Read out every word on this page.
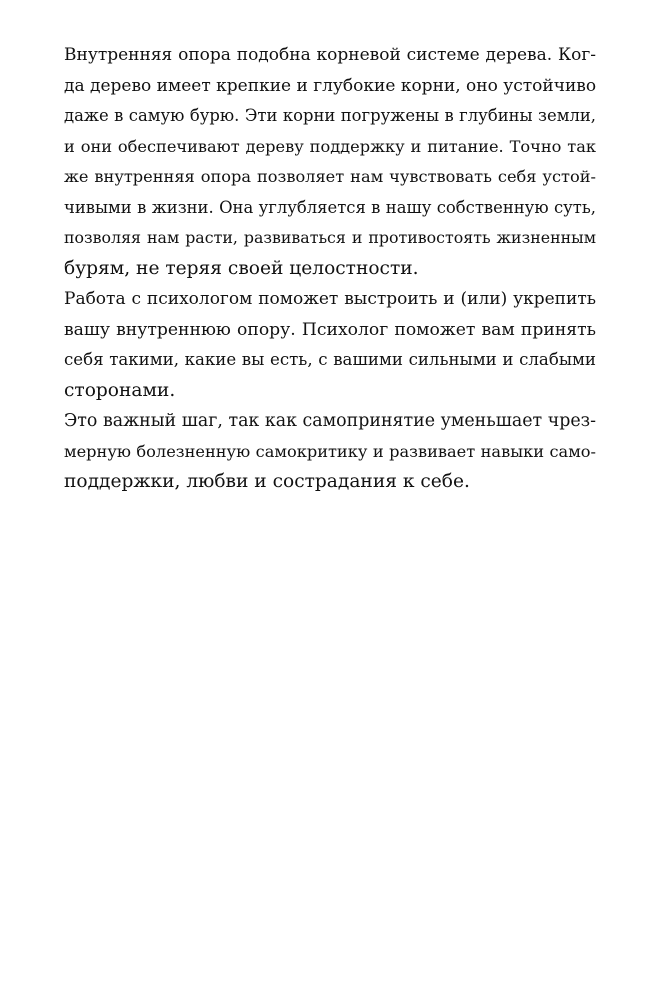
Внутренняя опора подобна корневой системе дерева. Ког-
да дерево имеет крепкие и глубокие корни, оно устойчиво
даже в самую бурю. Эти корни погружены в глубины земли,
и они обеспечивают дереву поддержку и питание. Точно так
же внутренняя опора позволяет нам чувствовать себя устой-
чивыми в жизни. Она углубляется в нашу собственную суть,
позволяя нам расти, развиваться и противостоять жизненным
бурям, не теряя своей целостности.

Работа с психологом поможет выстроить и (или) укрепить
вашу внутреннюю опору. Психолог поможет вам принять
себя такими, какие вы есть, с вашими сильными и слабыми
сторонами.

Это важный шаг, так как самопринятие уменьшает чрез-
мерную болезненную самокритику и развивает навыки само-
поддержки, любви и сострадания к себе.
